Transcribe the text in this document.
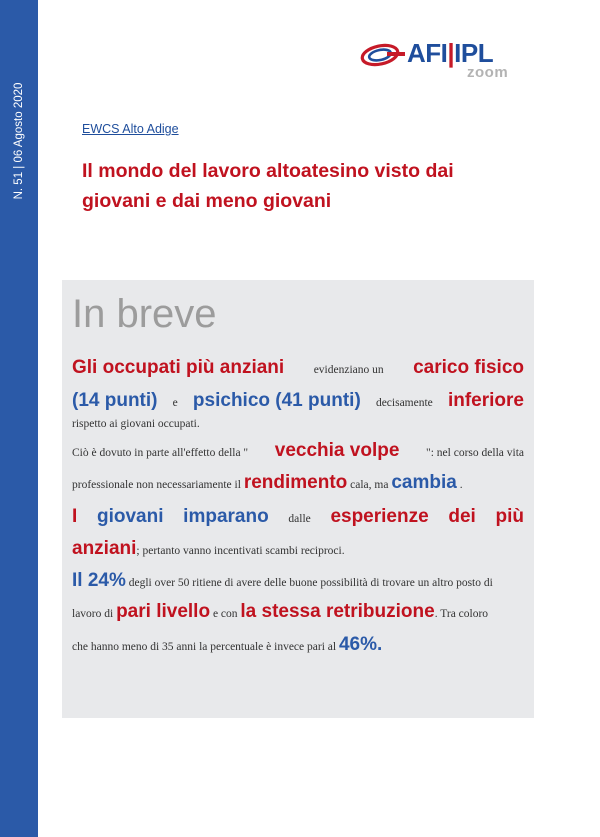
N. 51 | 06 Agosto 2020
AFI|IPL
zoom
EWCS Alto Adige
Il mondo del lavoro altoatesino visto dai
giovani e dai meno giovani
In breve
Gli occupati più anziani	evidenziano un carico fisico
(14 punti) e psichico (41 punti) decisamente inferiore
rispetto ai giovani occupati.
Ciò è dovuto in parte all'effetto della " vecchia volpe ": nel corso della vita
professionale non necessariamente il rendimento cala, ma cambia .
I giovani imparano dalle esperienze dei più
anziani; pertanto vanno incentivati scambi reciproci.
Il 24% degli over 50 ritiene di avere delle buone possibilità di trovare un altro posto di
lavoro di pari livello e con la stessa retribuzione. Tra coloro
che hanno meno di 35 anni la percentuale è invece pari al 46%.
